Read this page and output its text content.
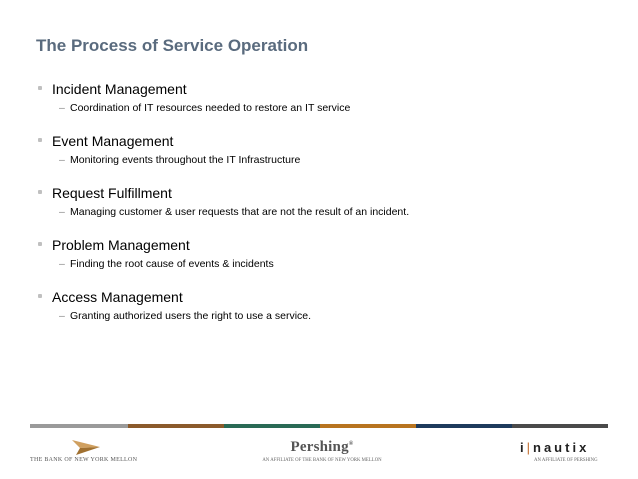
The Process of Service Operation
Incident Management
– Coordination of IT resources needed to restore an IT service
Event Management
– Monitoring events throughout the IT Infrastructure
Request Fulfillment
– Managing customer & user requests that are not the result of an incident.
Problem Management
– Finding the root cause of events & incidents
Access Management
– Granting authorized users the right to use a service.
THE BANK OF NEW YORK MELLON
Pershing®
AN AFFILIATE OF THE BANK OF NEW YORK MELLON
i|nautix
AN AFFILIATE OF PERSHING
